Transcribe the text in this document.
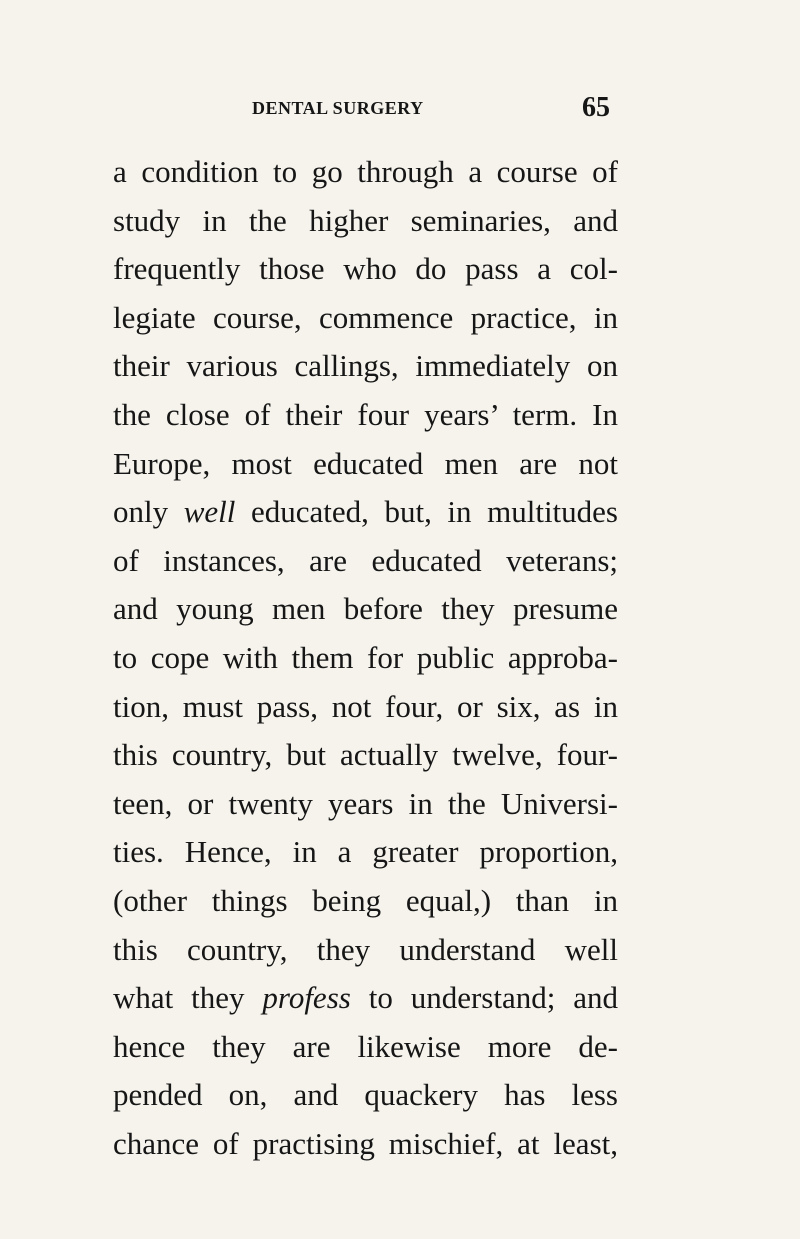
DENTAL SURGERY	65
a condition to go through a course of
study in the higher seminaries, and
frequently those who do pass a col-
legiate course, commence practice, in
their various callings, immediately on
the close of their four years’ term. In
Europe, most educated men are not
only well educated, but, in multitudes
of instances, are educated veterans;
and young men before they presume
to cope with them for public approba-
tion, must pass, not four, or six, as in
this country, but actually twelve, four-
teen, or twenty years in the Universi-
ties. Hence, in a greater proportion,
(other things being equal,) than in
this country, they understand well
what they profess to understand; and
hence they are likewise more de-
pended on, and quackery has less
chance of practising mischief, at least,
